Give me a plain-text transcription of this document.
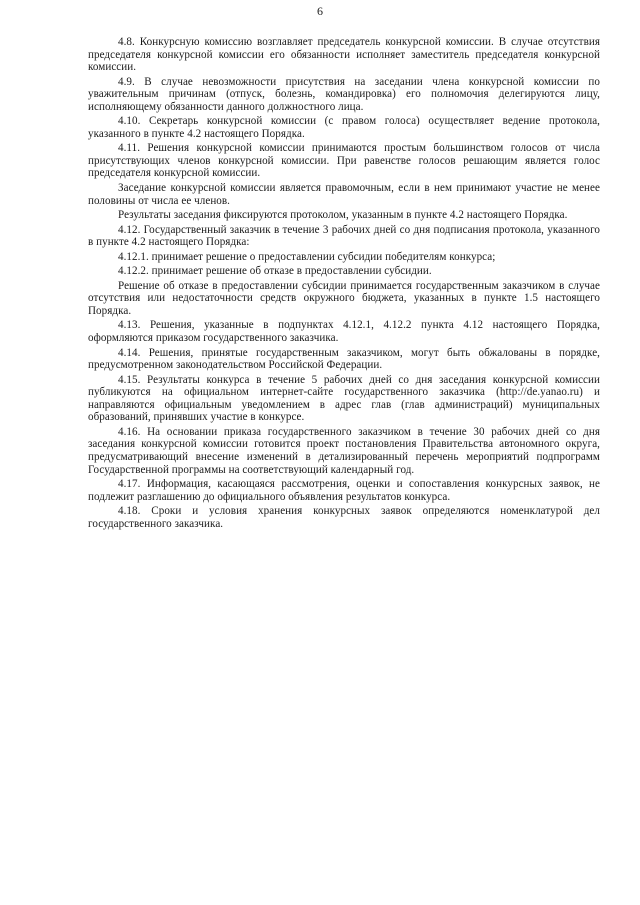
6

4.8. Конкурсную комиссию возглавляет председатель конкурсной комиссии. В случае отсутствия председателя конкурсной комиссии его обязанности исполняет заместитель председателя конкурсной комиссии.

4.9. В случае невозможности присутствия на заседании члена конкурсной комиссии по уважительным причинам (отпуск, болезнь, командировка) его полномочия делегируются лицу, исполняющему обязанности данного должностного лица.

4.10. Секретарь конкурсной комиссии (с правом голоса) осуществляет ведение протокола, указанного в пункте 4.2 настоящего Порядка.

4.11. Решения конкурсной комиссии принимаются простым большинством голосов от числа присутствующих членов конкурсной комиссии. При равенстве голосов решающим является голос председателя конкурсной комиссии.

Заседание конкурсной комиссии является правомочным, если в нем принимают участие не менее половины от числа ее членов.

Результаты заседания фиксируются протоколом, указанным в пункте 4.2 настоящего Порядка.

4.12. Государственный заказчик в течение 3 рабочих дней со дня подписания протокола, указанного в пункте 4.2 настоящего Порядка:

4.12.1. принимает решение о предоставлении субсидии победителям конкурса;

4.12.2. принимает решение об отказе в предоставлении субсидии.

Решение об отказе в предоставлении субсидии принимается государственным заказчиком в случае отсутствия или недостаточности средств окружного бюджета, указанных в пункте 1.5 настоящего Порядка.

4.13. Решения, указанные в подпунктах 4.12.1, 4.12.2 пункта 4.12 настоящего Порядка, оформляются приказом государственного заказчика.

4.14. Решения, принятые государственным заказчиком, могут быть обжалованы в порядке, предусмотренном законодательством Российской Федерации.

4.15. Результаты конкурса в течение 5 рабочих дней со дня заседания конкурсной комиссии публикуются на официальном интернет-сайте государственного заказчика (http://de.yanao.ru) и направляются официальным уведомлением в адрес глав (глав администраций) муниципальных образований, принявших участие в конкурсе.

4.16. На основании приказа государственного заказчиком в течение 30 рабочих дней со дня заседания конкурсной комиссии готовится проект постановления Правительства автономного округа, предусматривающий внесение изменений в детализированный перечень мероприятий подпрограмм Государственной программы на соответствующий календарный год.

4.17. Информация, касающаяся рассмотрения, оценки и сопоставления конкурсных заявок, не подлежит разглашению до официального объявления результатов конкурса.

4.18. Сроки и условия хранения конкурсных заявок определяются номенклатурой дел государственного заказчика.
